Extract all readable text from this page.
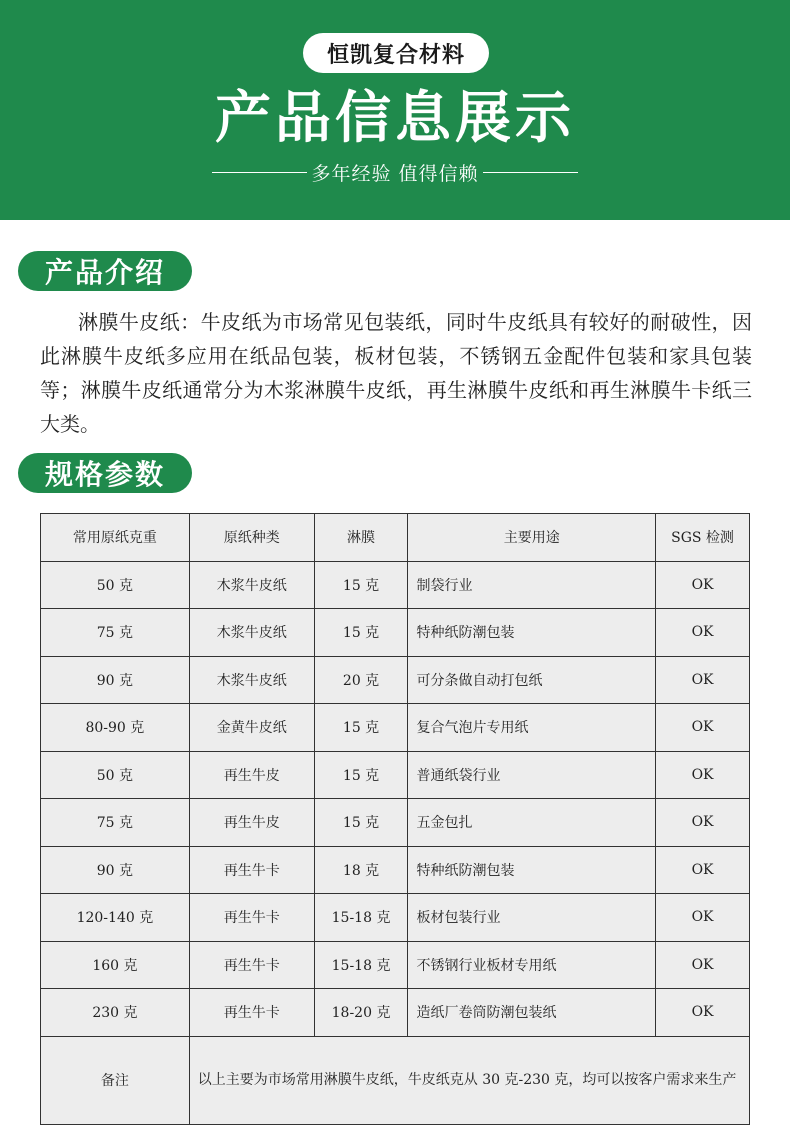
恒凯复合材料
产品信息展示
多年经验 值得信赖
产品介绍

淋膜牛皮纸：牛皮纸为市场常见包装纸，同时牛皮纸具有较好的耐破性，因此淋膜牛皮纸多应用在纸品包装，板材包装，不锈钢五金配件包装和家具包装等；淋膜牛皮纸通常分为木浆淋膜牛皮纸，再生淋膜牛皮纸和再生淋膜牛卡纸三大类。

规格参数
常用原纸克重	原纸种类	淋膜	主要用途	SGS 检测
50 克	木浆牛皮纸	15 克	制袋行业	OK
75 克	木浆牛皮纸	15 克	特种纸防潮包装	OK
90 克	木浆牛皮纸	20 克	可分条做自动打包纸	OK
80-90 克	金黄牛皮纸	15 克	复合气泡片专用纸	OK
50 克	再生牛皮	15 克	普通纸袋行业	OK
75 克	再生牛皮	15 克	五金包扎	OK
90 克	再生牛卡	18 克	特种纸防潮包装	OK
120-140 克	再生牛卡	15-18 克	板材包装行业	OK
160 克	再生牛卡	15-18 克	不锈钢行业板材专用纸	OK
230 克	再生牛卡	18-20 克	造纸厂卷筒防潮包装纸	OK
备注	以上主要为市场常用淋膜牛皮纸，牛皮纸克从 30 克-230 克，均可以按客户需求来生产			
